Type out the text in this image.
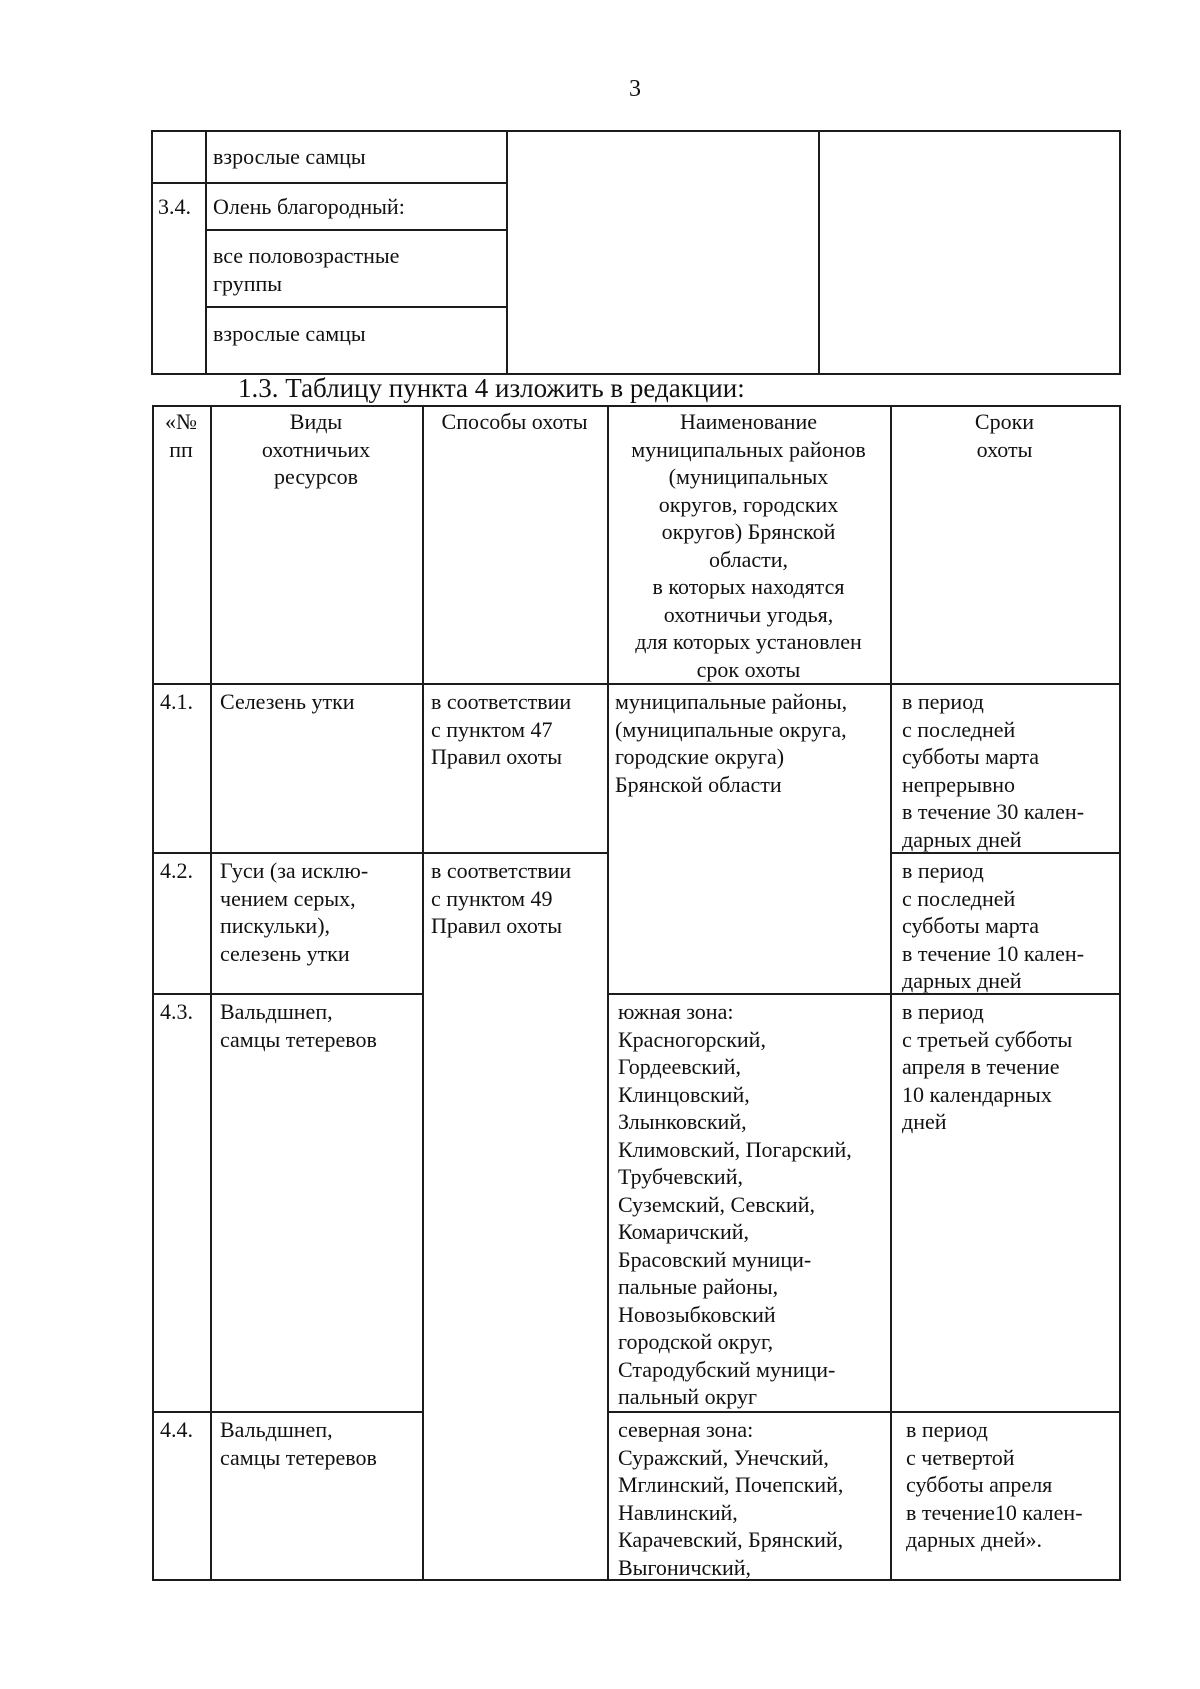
3
взрослые самцы
3.4. Олень благородный:
все половозрастные
группы
взрослые самцы
1.3. Таблицу пункта 4 изложить в редакции:
«№
пп
Виды
охотничьих
ресурсов
Способы охоты	Наименование
муниципальных районов
(муниципальных
округов, городских
округов) Брянской
области,
в которых находятся
охотничьи угодья,
для которых установлен
срок охоты
Сроки
охоты
4.1. Селезень утки	в соответствии
с пунктом 47
Правил охоты
муниципальные районы,
(муниципальные округа,
городские округа)
Брянской области
в период
с последней
субботы марта
непрерывно
в течение 30 кален-
дарных дней
4.2. Гуси (за исклю-
чением серых,
пискульки),
селезень утки
в соответствии
с пунктом 49
Правил охоты
в период
с последней
субботы марта
в течение 10 кален-
дарных дней
4.3. Вальдшнеп,
самцы тетеревов
южная зона:
Красногорский,
Гордеевский,
Клинцовский,
Злынковский,
Климовский, Погарский,
Трубчевский,
Суземский, Севский,
Комаричский,
Брасовский муници-
пальные районы,
Новозыбковский
городской округ,
Стародубский муници-
пальный округ
в период
с третьей субботы
апреля в течение
10 календарных
дней
4.4. Вальдшнеп,
самцы тетеревов
северная зона:
Суражский, Унечский,
Мглинский, Почепский,
Навлинский,
Карачевский, Брянский,
Выгоничский,
в период
с четвертой
субботы апреля
в течение10 кален-
дарных дней».
